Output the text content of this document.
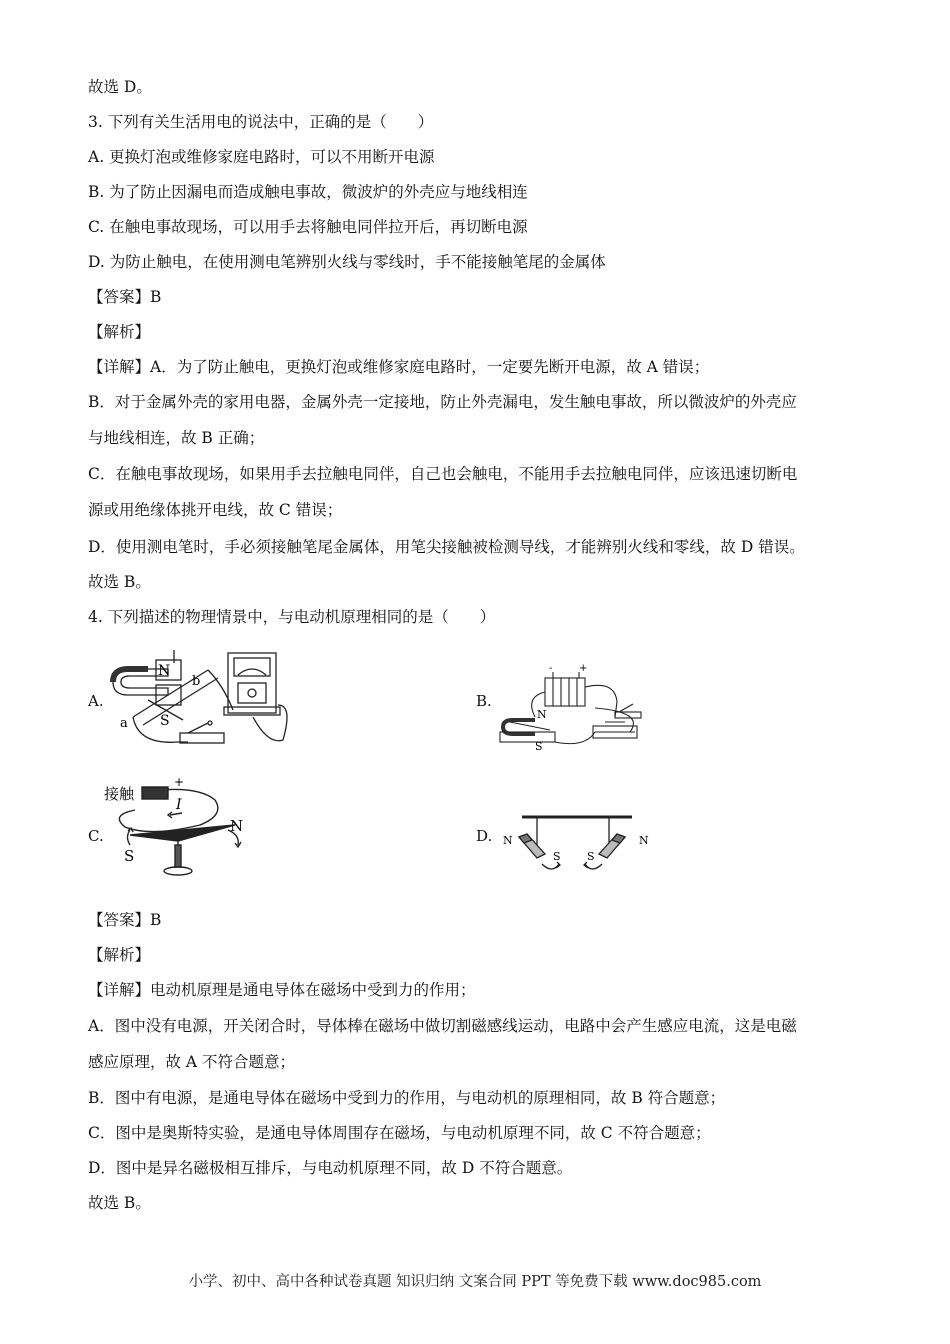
故选 D。
3. 下列有关生活用电的说法中，正确的是（　　）
A. 更换灯泡或维修家庭电路时，可以不用断开电源
B. 为了防止因漏电而造成触电事故，微波炉的外壳应与地线相连
C. 在触电事故现场，可以用手去将触电同伴拉开后，再切断电源
D. 为防止触电，在使用测电笔辨别火线与零线时，手不能接触笔尾的金属体
【答案】B
【解析】
【详解】A．为了防止触电，更换灯泡或维修家庭电路时，一定要先断开电源，故 A 错误；
B．对于金属外壳的家用电器，金属外壳一定接地，防止外壳漏电，发生触电事故，所以微波炉的外壳应
与地线相连，故 B 正确；
C．在触电事故现场，如果用手去拉触电同伴，自己也会触电，不能用手去拉触电同伴，应该迅速切断电
源或用绝缘体挑开电线，故 C 错误；
D．使用测电笔时，手必须接触笔尾金属体，用笔尖接触被检测导线，才能辨别火线和零线，故 D 错误。
故选 B。
4. 下列描述的物理情景中，与电动机原理相同的是（　　）
A.	B.
C.	D.
N
S
a
b
N
S
+
-
接触
I
N
S
+
N
S S
N
【答案】B
【解析】
【详解】电动机原理是通电导体在磁场中受到力的作用；
A．图中没有电源，开关闭合时，导体棒在磁场中做切割磁感线运动，电路中会产生感应电流，这是电磁
感应原理，故 A 不符合题意；
B．图中有电源，是通电导体在磁场中受到力的作用，与电动机的原理相同，故 B 符合题意；
C．图中是奥斯特实验，是通电导体周围存在磁场，与电动机原理不同，故 C 不符合题意；
D．图中是异名磁极相互排斥，与电动机原理不同，故 D 不符合题意。
故选 B。
小学、初中、高中各种试卷真题 知识归纳 文案合同 PPT 等免费下载 www.doc985.com
